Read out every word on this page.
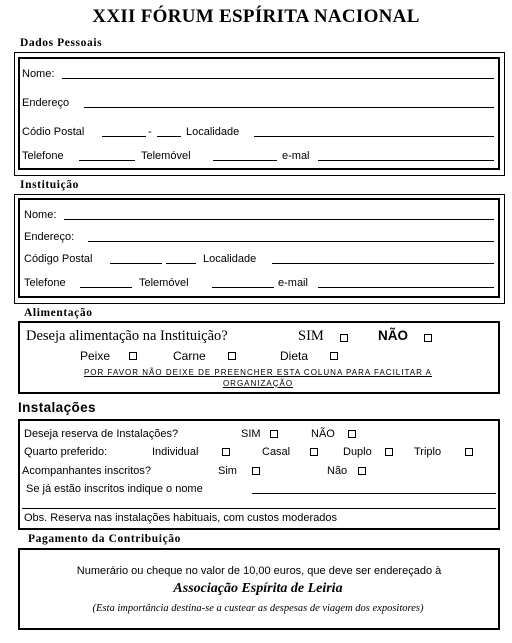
XXII FÓRUM ESPÍRITA NACIONAL
Dados Pessoais
Nome:
Endereço
Códio Postal	-	Localidade
Telefone	Telemóvel	e-mal
Instituição
Nome:
Endereço:
Código Postal	Localidade
Telefone	Telemóvel	e-mail
Alimentação
Deseja alimentação na Instituição?	SIM	NÃO
Peixe	Carne	Dieta
POR FAVOR NÃO DEIXE DE PREENCHER ESTA COLUNA PARA FACILITAR A
ORGANIZAÇÃO
Instalações
Deseja reserva de Instalações?	SIM	NÃO
Quarto preferido:	Individual	Casal	Duplo	Triplo
Acompanhantes inscritos?	Sim	Não
Se já estão inscritos indique o nome
Obs. Reserva nas instalações habituais, com custos moderados
Pagamento da Contribuição
Numerário ou cheque no valor de 10,00 euros, que deve ser endereçado à
Associação Espírita de Leiria
(Esta importância destina-se a custear as despesas de viagem dos expositores)
